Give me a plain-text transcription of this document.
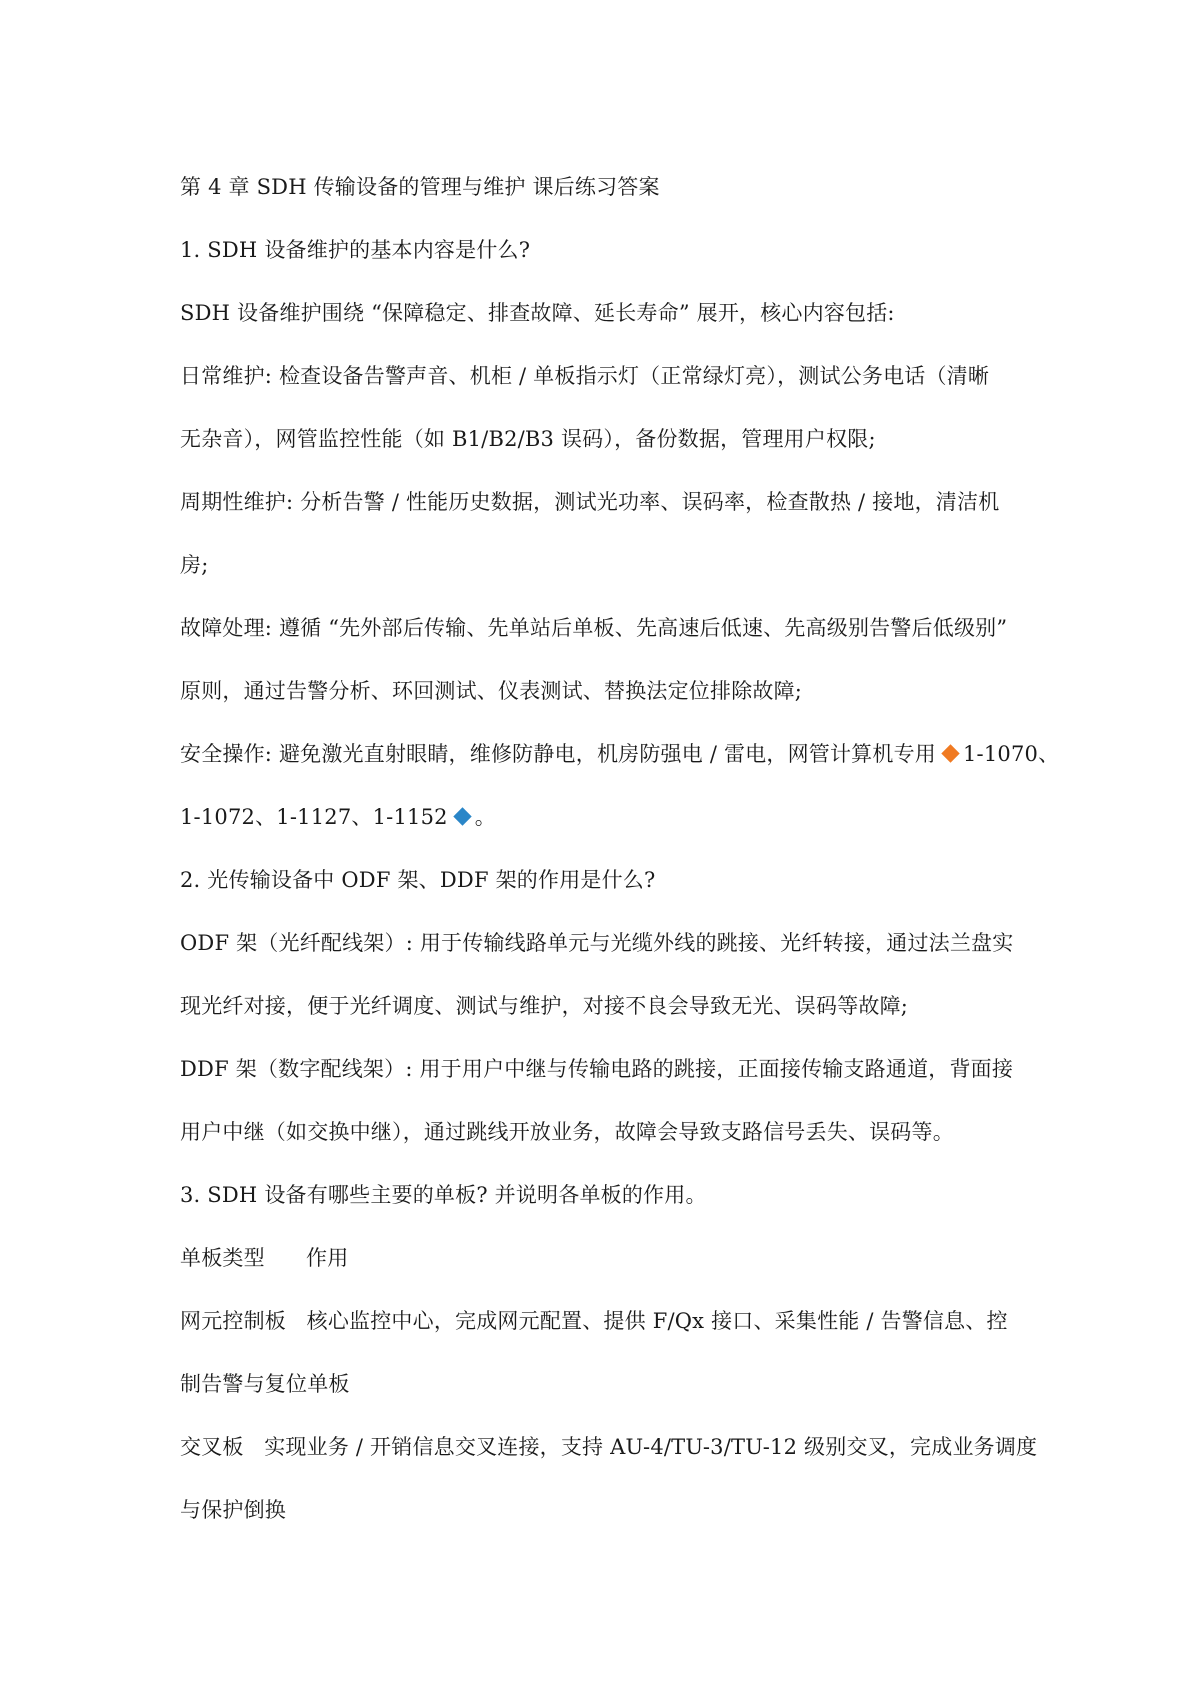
第 4 章 SDH 传输设备的管理与维护 课后练习答案
1. SDH 设备维护的基本内容是什么?
SDH 设备维护围绕 “保障稳定、排查故障、延长寿命” 展开，核心内容包括:
日常维护: 检查设备告警声音、机柜 / 单板指示灯（正常绿灯亮），测试公务电话（清晰
无杂音），网管监控性能（如 B1/B2/B3 误码），备份数据，管理用户权限;
周期性维护: 分析告警 / 性能历史数据，测试光功率、误码率，检查散热 / 接地，清洁机
房;
故障处理: 遵循 “先外部后传输、先单站后单板、先高速后低速、先高级别告警后低级别”
原则，通过告警分析、环回测试、仪表测试、替换法定位排除故障;
安全操作: 避免激光直射眼睛，维修防静电，机房防强电 / 雷电，网管计算机专用 1-1070、
1-1072、1-1127、1-1152 。
2. 光传输设备中 ODF 架、DDF 架的作用是什么?
ODF 架（光纤配线架）: 用于传输线路单元与光缆外线的跳接、光纤转接，通过法兰盘实
现光纤对接，便于光纤调度、测试与维护，对接不良会导致无光、误码等故障;
DDF 架（数字配线架）: 用于用户中继与传输电路的跳接，正面接传输支路通道，背面接
用户中继（如交换中继），通过跳线开放业务，故障会导致支路信号丢失、误码等。
3. SDH 设备有哪些主要的单板? 并说明各单板的作用。
单板类型      作用
网元控制板   核心监控中心，完成网元配置、提供 F/Qx 接口、采集性能 / 告警信息、控
制告警与复位单板
交叉板   实现业务 / 开销信息交叉连接，支持 AU-4/TU-3/TU-12 级别交叉，完成业务调度
与保护倒换
